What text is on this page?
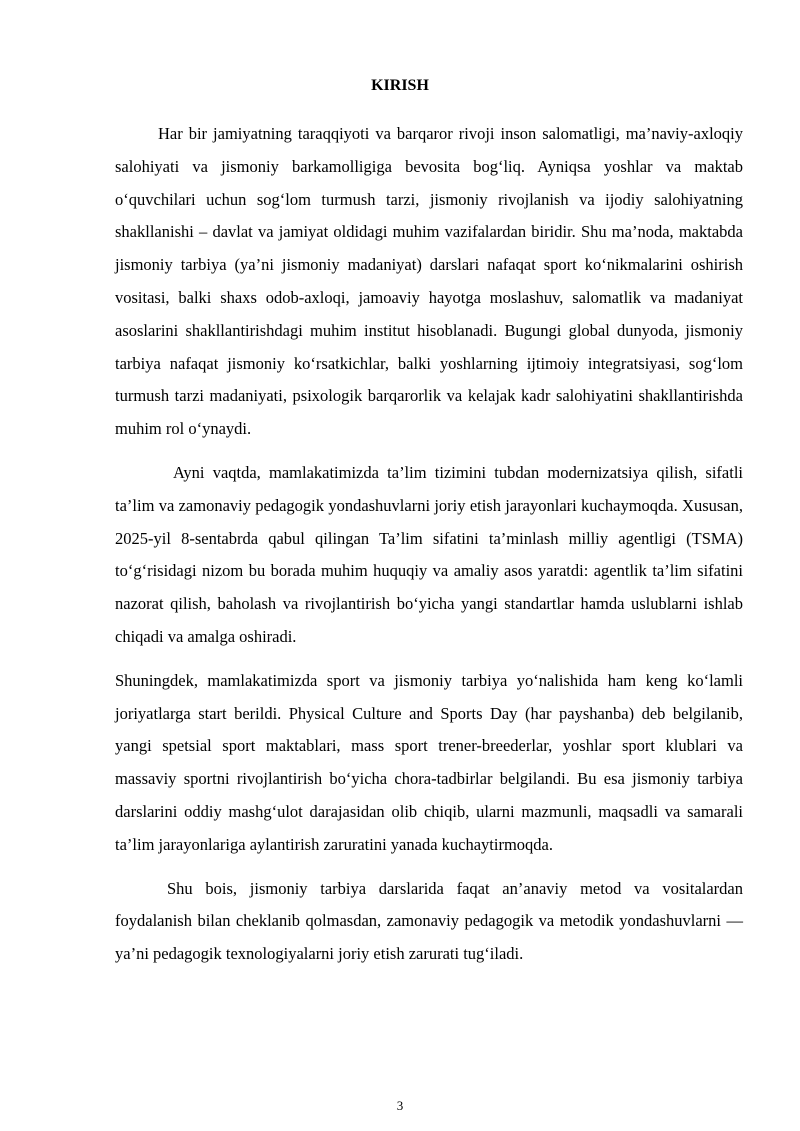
KIRISH

Har bir jamiyatning taraqqiyoti va barqaror rivoji inson salomatligi, ma’naviy-axloqiy salohiyati va jismoniy barkamolligiga bevosita bog‘liq. Ayniqsa yoshlar va maktab o‘quvchilari uchun sog‘lom turmush tarzi, jismoniy rivojlanish va ijodiy salohiyatning shakllanishi – davlat va jamiyat oldidagi muhim vazifalardan biridir. Shu ma’noda, maktabda jismoniy tarbiya (ya’ni jismoniy madaniyat) darslari nafaqat sport ko‘nikmalarini oshirish vositasi, balki shaxs odob-axloqi, jamoaviy hayotga moslashuv, salomatlik va madaniyat asoslarini shakllantirishdagi muhim institut hisoblanadi. Bugungi global dunyoda, jismoniy tarbiya nafaqat jismoniy ko‘rsatkichlar, balki yoshlarning ijtimoiy integratsiyasi, sog‘lom turmush tarzi madaniyati, psixologik barqarorlik va kelajak kadr salohiyatini shakllantirishda muhim rol o‘ynaydi.

Ayni vaqtda, mamlakatimizda ta’lim tizimini tubdan modernizatsiya qilish, sifatli ta’lim va zamonaviy pedagogik yondashuvlarni joriy etish jarayonlari kuchaymoqda. Xususan, 2025-yil 8-sentabrda qabul qilingan Ta’lim sifatini ta’minlash milliy agentligi (TSMA) to‘g‘risidagi nizom bu borada muhim huquqiy va amaliy asos yaratdi: agentlik ta’lim sifatini nazorat qilish, baholash va rivojlantirish bo‘yicha yangi standartlar hamda uslublarni ishlab chiqadi va amalga oshiradi.

Shuningdek, mamlakatimizda sport va jismoniy tarbiya yo‘nalishida ham keng ko‘lamli joriyatlarga start berildi. Physical Culture and Sports Day (har payshanba) deb belgilanib, yangi spetsial sport maktablari, mass sport trener-breederlar, yoshlar sport klublari va massaviy sportni rivojlantirish bo‘yicha chora-tadbirlar belgilandi. Bu esa jismoniy tarbiya darslarini oddiy mashg‘ulot darajasidan olib chiqib, ularni mazmunli, maqsadli va samarali ta’lim jarayonlariga aylantirish zaruratini yanada kuchaytirmoqda.

Shu bois, jismoniy tarbiya darslarida faqat an’anaviy metod va vositalardan foydalanish bilan cheklanib qolmasdan, zamonaviy pedagogik va metodik yondashuvlarni — ya’ni pedagogik texnologiyalarni joriy etish zarurati tug‘iladi.

3
